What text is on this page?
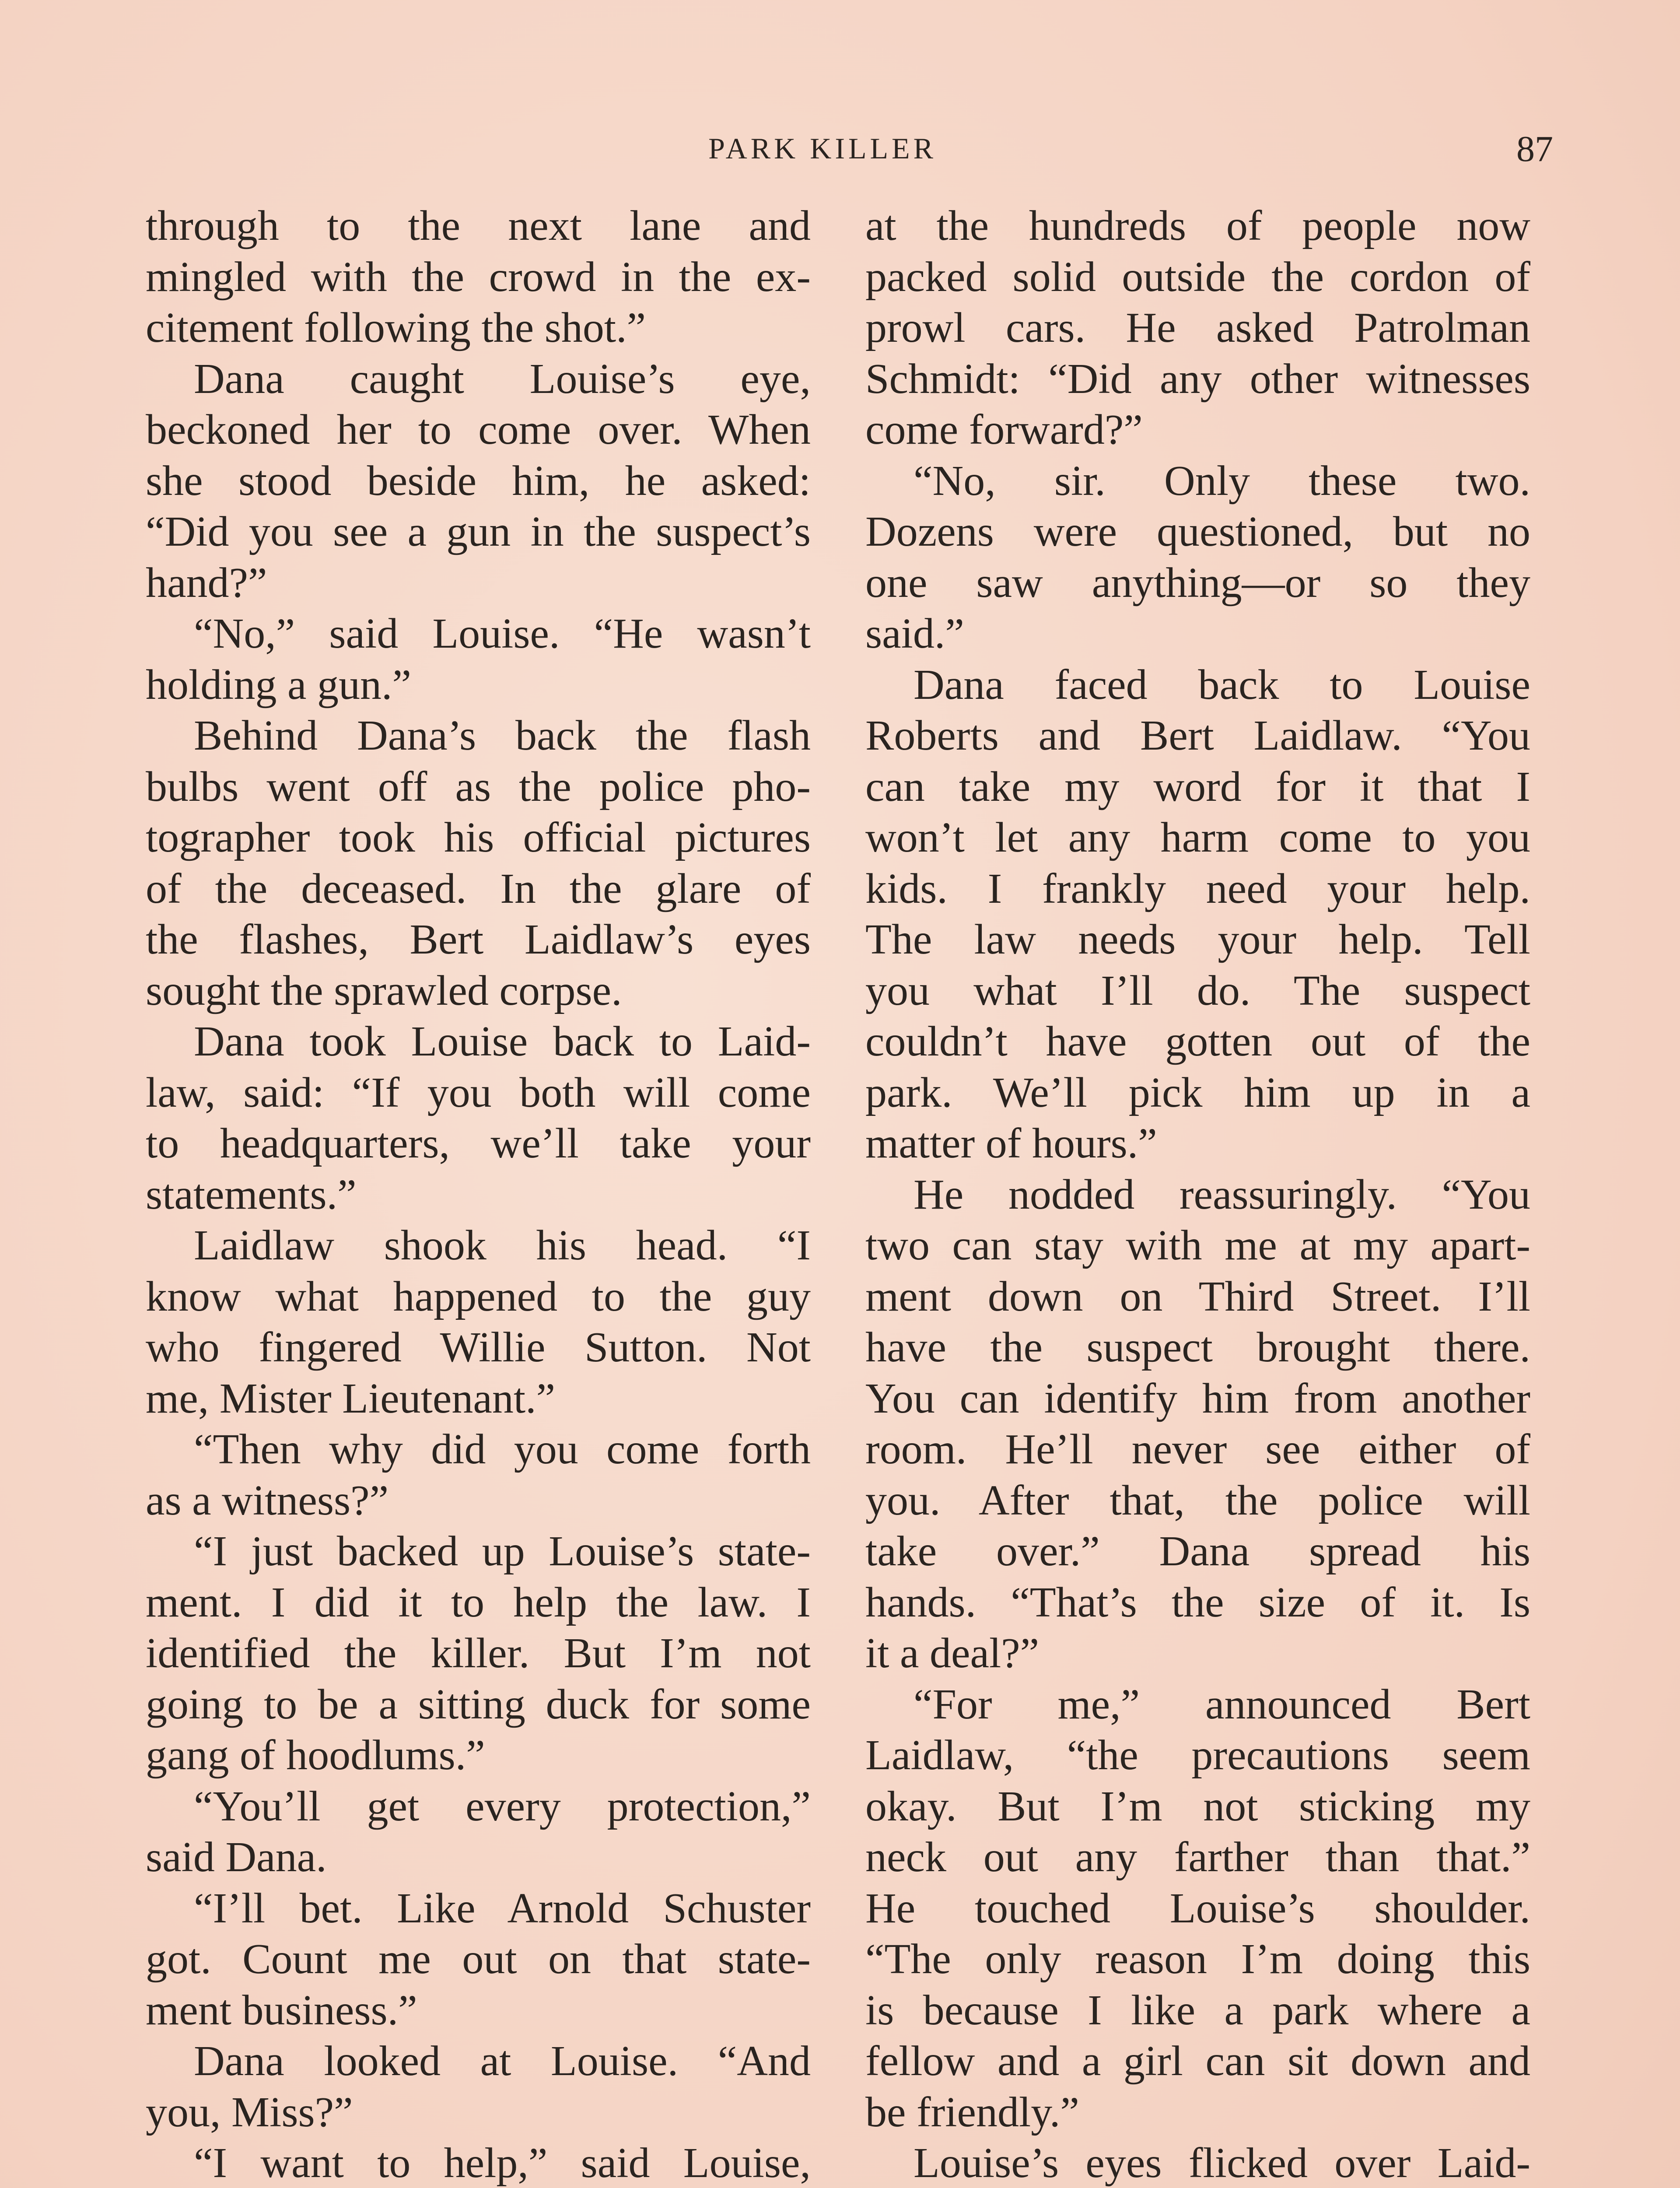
PARK KILLER	87
through to the next lane and
mingled with the crowd in the ex-
citement following the shot.”
Dana caught Louise’s eye,
beckoned her to come over. When
she stood beside him, he asked:
“Did you see a gun in the suspect’s
hand?”
“No,” said Louise. “He wasn’t
holding a gun.”
Behind Dana’s back the flash
bulbs went off as the police pho-
tographer took his official pictures
of the deceased. In the glare of
the flashes, Bert Laidlaw’s eyes
sought the sprawled corpse.
Dana took Louise back to Laid-
law, said: “If you both will come
to headquarters, we’ll take your
statements.”
Laidlaw shook his head. “I
know what happened to the guy
who fingered Willie Sutton. Not
me, Mister Lieutenant.”
“Then why did you come forth
as a witness?”
“I just backed up Louise’s state-
ment. I did it to help the law. I
identified the killer. But I’m not
going to be a sitting duck for some
gang of hoodlums.”
“You’ll get every protection,”
said Dana.
“I’ll bet. Like Arnold Schuster
got. Count me out on that state-
ment business.”
Dana looked at Louise. “And
you, Miss?”
“I want to help,” said Louise,
at the hundreds of people now
packed solid outside the cordon of
prowl cars. He asked Patrolman
Schmidt: “Did any other witnesses
come forward?”
“No, sir. Only these two.
Dozens were questioned, but no
one saw anything—or so they
said.”
Dana faced back to Louise
Roberts and Bert Laidlaw. “You
can take my word for it that I
won’t let any harm come to you
kids. I frankly need your help.
The law needs your help. Tell
you what I’ll do. The suspect
couldn’t have gotten out of the
park. We’ll pick him up in a
matter of hours.”
He nodded reassuringly. “You
two can stay with me at my apart-
ment down on Third Street. I’ll
have the suspect brought there.
You can identify him from another
room. He’ll never see either of
you. After that, the police will
take over.” Dana spread his
hands. “That’s the size of it. Is
it a deal?”
“For me,” announced Bert
Laidlaw, “the precautions seem
okay. But I’m not sticking my
neck out any farther than that.”
He touched Louise’s shoulder.
“The only reason I’m doing this
is because I like a park where a
fellow and a girl can sit down and
be friendly.”
Louise’s eyes flicked over Laid-
